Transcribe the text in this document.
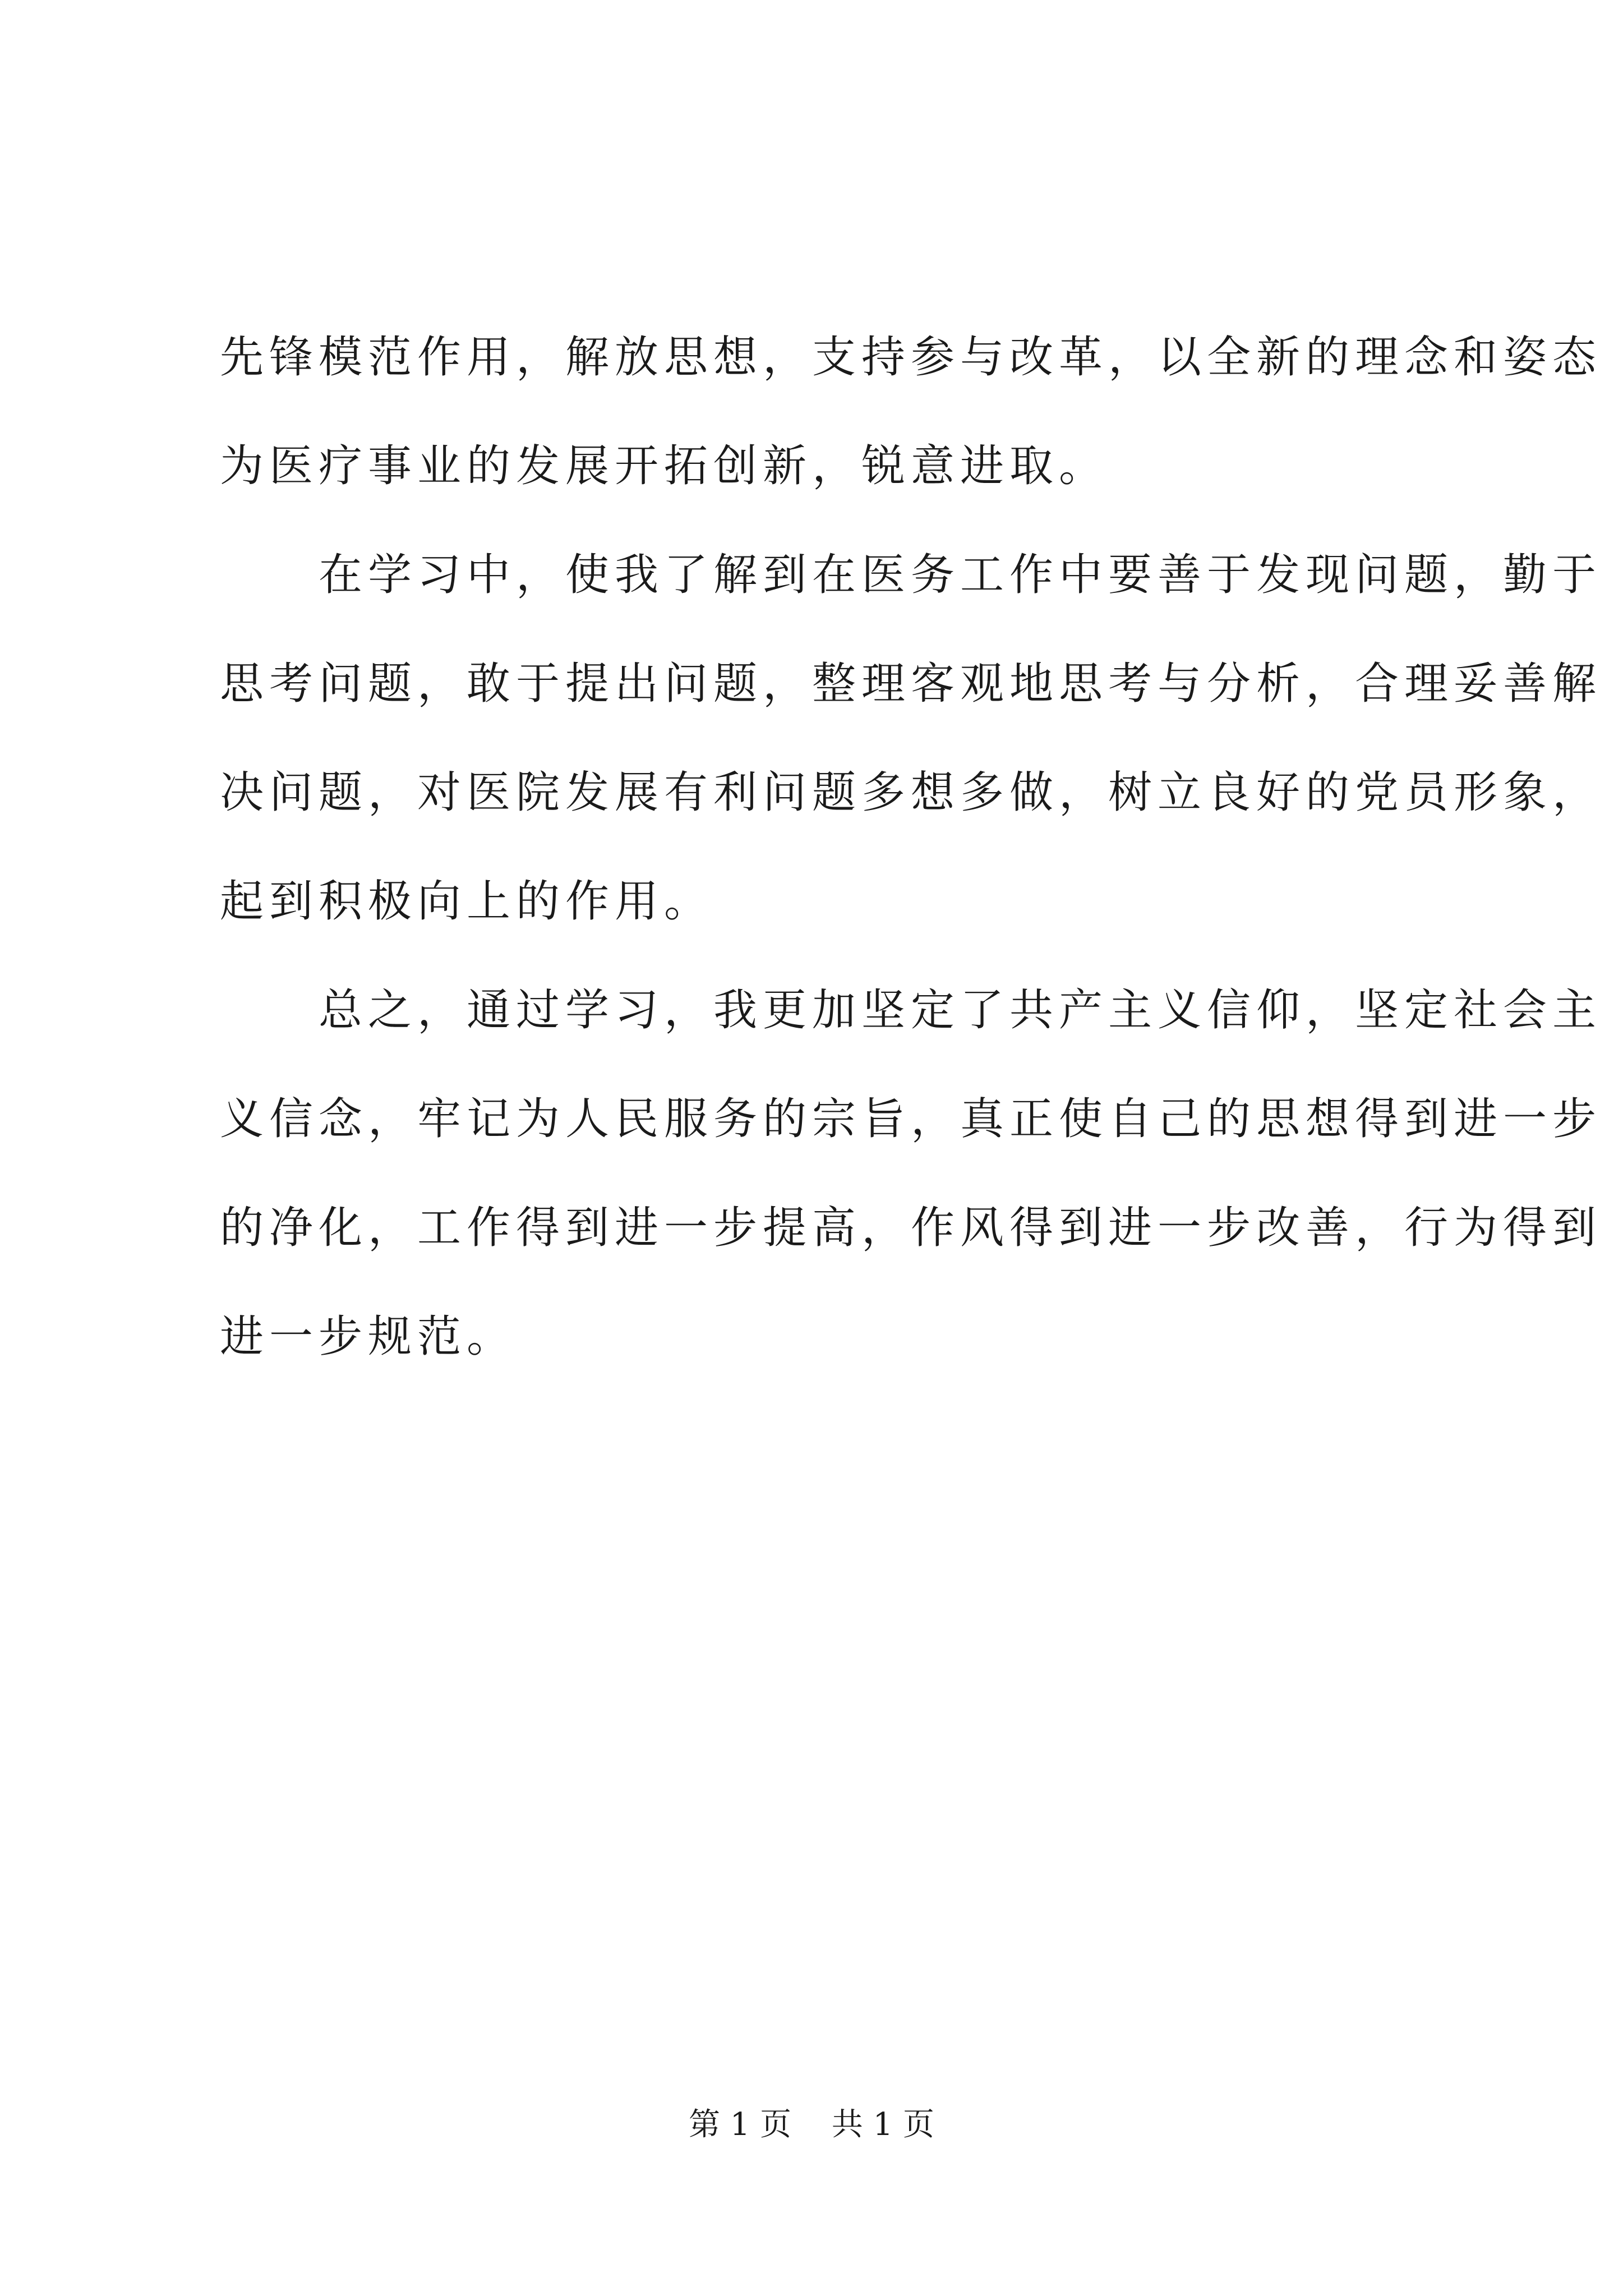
先锋模范作用，解放思想，支持参与改革，以全新的理念和姿态
为医疗事业的发展开拓创新，锐意进取。
在学习中，使我了解到在医务工作中要善于发现问题，勤于
思考问题，敢于提出问题，整理客观地思考与分析，合理妥善解
决问题，对医院发展有利问题多想多做，树立良好的党员形象，
起到积极向上的作用。
总之，通过学习，我更加坚定了共产主义信仰，坚定社会主
义信念，牢记为人民服务的宗旨，真正使自己的思想得到进一步
的净化，工作得到进一步提高，作风得到进一步改善，行为得到
进一步规范。
第 1 页 共 1 页
